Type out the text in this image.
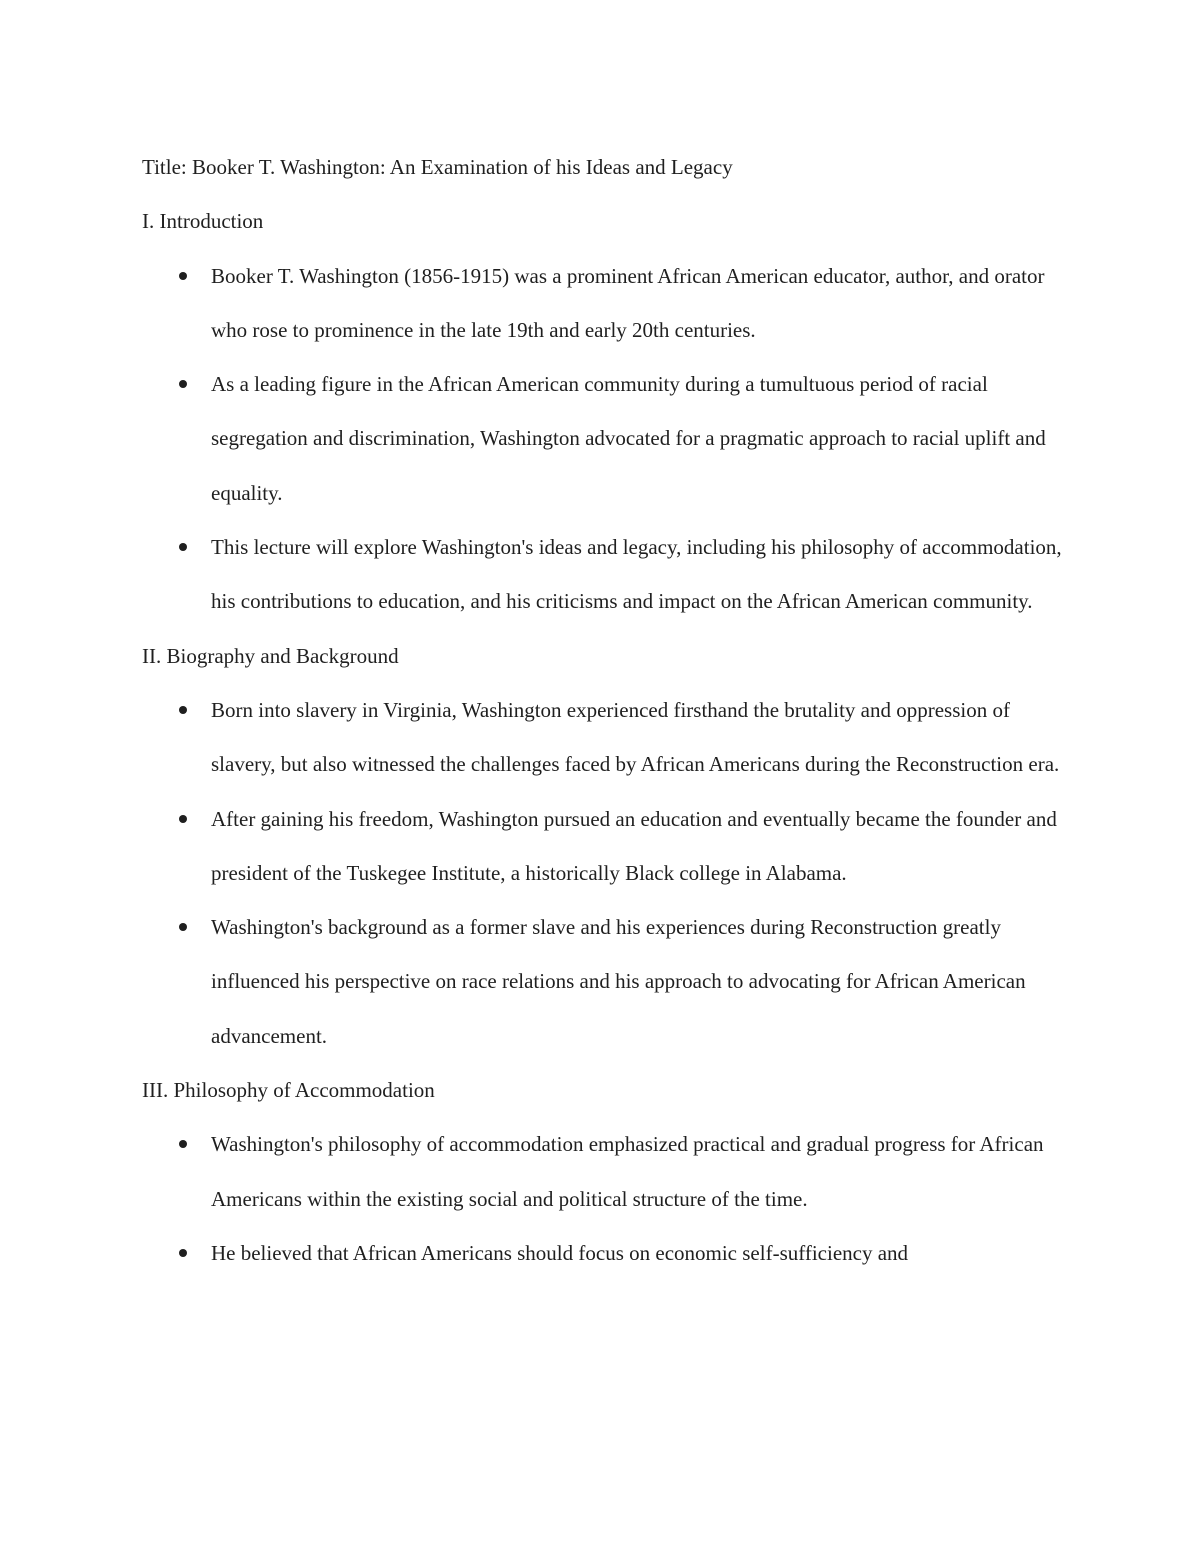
Title: Booker T. Washington: An Examination of his Ideas and Legacy

I. Introduction

Booker T. Washington (1856-1915) was a prominent African American educator, author, and orator who rose to prominence in the late 19th and early 20th centuries.
As a leading figure in the African American community during a tumultuous period of racial segregation and discrimination, Washington advocated for a pragmatic approach to racial uplift and equality.
This lecture will explore Washington's ideas and legacy, including his philosophy of accommodation, his contributions to education, and his criticisms and impact on the African American community.

II. Biography and Background

Born into slavery in Virginia, Washington experienced firsthand the brutality and oppression of slavery, but also witnessed the challenges faced by African Americans during the Reconstruction era.
After gaining his freedom, Washington pursued an education and eventually became the founder and president of the Tuskegee Institute, a historically Black college in Alabama.
Washington's background as a former slave and his experiences during Reconstruction greatly influenced his perspective on race relations and his approach to advocating for African American advancement.

III. Philosophy of Accommodation

Washington's philosophy of accommodation emphasized practical and gradual progress for African Americans within the existing social and political structure of the time.
He believed that African Americans should focus on economic self-sufficiency and
